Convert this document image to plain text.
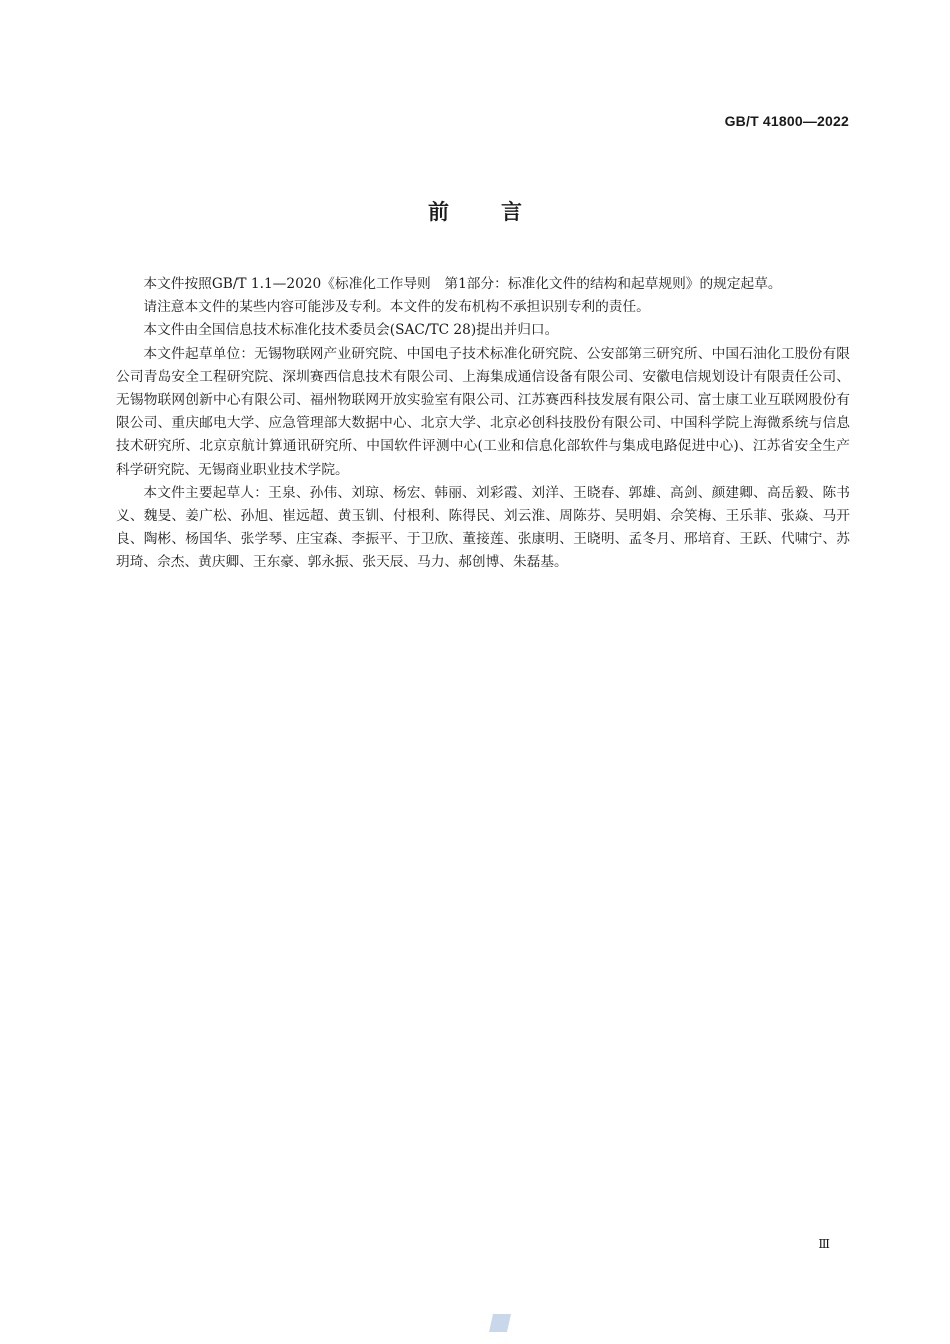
GB/T 41800—2022
前言

本文件按照GB/T 1.1—2020《标准化工作导则　第1部分：标准化文件的结构和起草规则》的规定起草。

请注意本文件的某些内容可能涉及专利。本文件的发布机构不承担识别专利的责任。

本文件由全国信息技术标准化技术委员会(SAC/TC 28)提出并归口。

本文件起草单位：无锡物联网产业研究院、中国电子技术标准化研究院、公安部第三研究所、中国石油化工股份有限公司青岛安全工程研究院、深圳赛西信息技术有限公司、上海集成通信设备有限公司、安徽电信规划设计有限责任公司、无锡物联网创新中心有限公司、福州物联网开放实验室有限公司、江苏赛西科技发展有限公司、富士康工业互联网股份有限公司、重庆邮电大学、应急管理部大数据中心、北京大学、北京必创科技股份有限公司、中国科学院上海微系统与信息技术研究所、北京京航计算通讯研究所、中国软件评测中心(工业和信息化部软件与集成电路促进中心)、江苏省安全生产科学研究院、无锡商业职业技术学院。

本文件主要起草人：王泉、孙伟、刘琼、杨宏、韩丽、刘彩霞、刘洋、王晓春、郭雄、高剑、颜建卿、高岳毅、陈书义、魏旻、姜广松、孙旭、崔远超、黄玉钏、付根利、陈得民、刘云淮、周陈芬、吴明娟、佘笑梅、王乐菲、张焱、马开良、陶彬、杨国华、张学琴、庄宝森、李振平、于卫欣、董接莲、张康明、王晓明、孟冬月、邢培育、王跃、代啸宁、苏玥琦、佘杰、黄庆卿、王东豪、郭永振、张天辰、马力、郝创博、朱磊基。

Ⅲ
